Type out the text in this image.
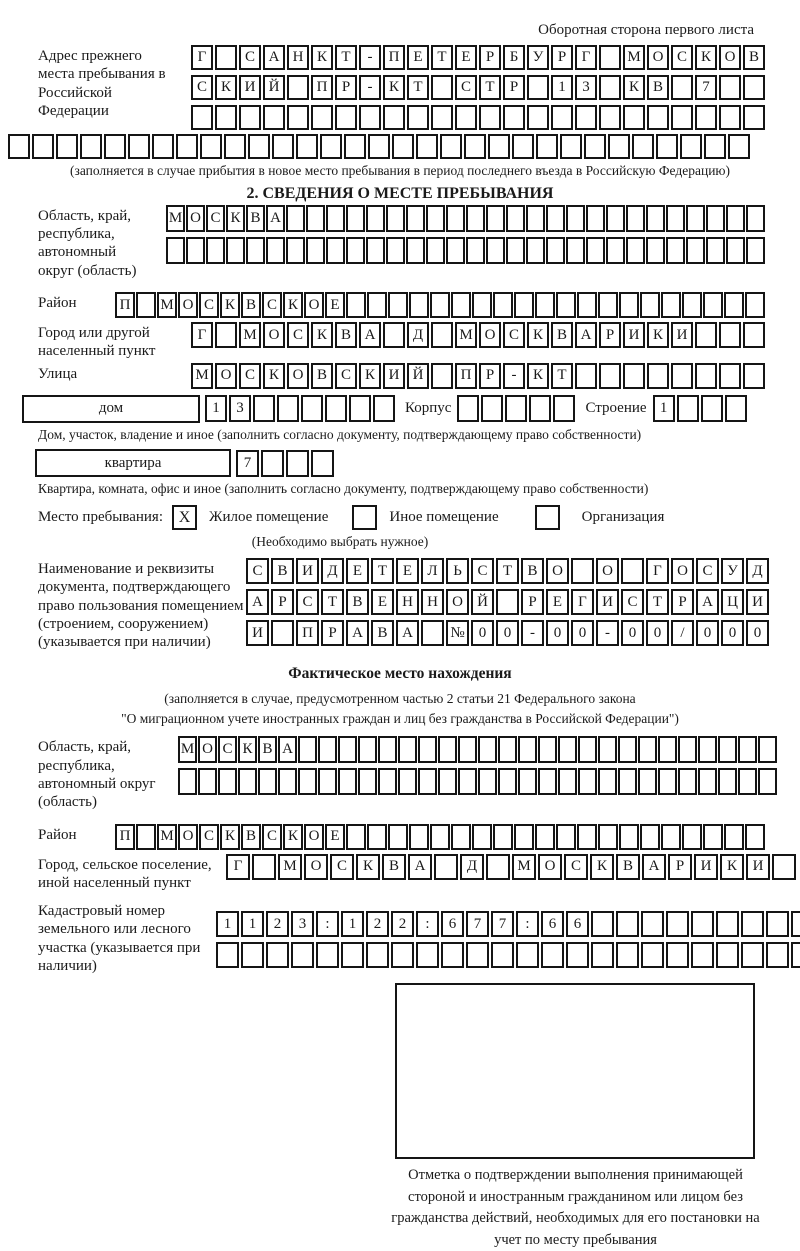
Оборотная сторона первого листа
Адрес прежнего места пребывания в Российской Федерации
Г	С А Н К Т	-	П Е Т Е	Р	Б У Р	Г	М О С К О В
С К И Й	П Р	-	К Т	С Т	Р	1	3	К В	7
(заполняется в случае прибытия в новое место пребывания в период последнего въезда в Российскую Федерацию)
2. СВЕДЕНИЯ О МЕСТЕ ПРЕБЫВАНИЯ
Область, край, республика, автономный округ (область)
М О С К В А
Район	П	М О С К В С К О Е
Город или другой населенный пункт
Г	М О С К В А	Д	М О С К В А Р И К И
Улица	М О С К О В С К И Й	П Р	-	К Т
дом	1	3	Корпус	Строение 1
Дом, участок, владение и иное (заполнить согласно документу, подтверждающему право собственности)
квартира	7
Квартира, комната, офис и иное (заполнить согласно документу, подтверждающему право собственности)
Место пребывания: X	Жилое помещение	Иное помещение	Организация
(Необходимо выбрать нужное)
Наименование и реквизиты документа, подтверждающего право пользования помещением (строением, сооружением) (указывается при наличии)
С В И Д	Е	Т	Е	Л	Ь	С	Т	В О	О	Г	О С У Д
А	Р	С	Т	В	Е	Н Н О Й	Р	Е	Г	И С	Т	Р	А Ц И
И	П	Р	А В А	№ 0	0	-	0	0	-	0	0	/	0	0	0
Фактическое место нахождения
(заполняется в случае, предусмотренном частью 2 статьи 21 Федерального закона
"О миграционном учете иностранных граждан и лиц без гражданства в Российской Федерации")
Область, край, республика, автономный округ (область)
М О С К В А
Район	П	М О С К В С К О Е
Город, сельское поселение, иной населенный пункт
Г	М О	С	К	В	А	Д	М О	С	К	В	А	Р	И	К	И
Кадастровый номер земельного или лесного участка (указывается при наличии)
1	1	2	3	:	1	2	2	:	6	7	7	:	6	6
Отметка о подтверждении выполнения принимающей стороной и иностранным гражданином или лицом без гражданства действий, необходимых для его постановки на учет по месту пребывания
